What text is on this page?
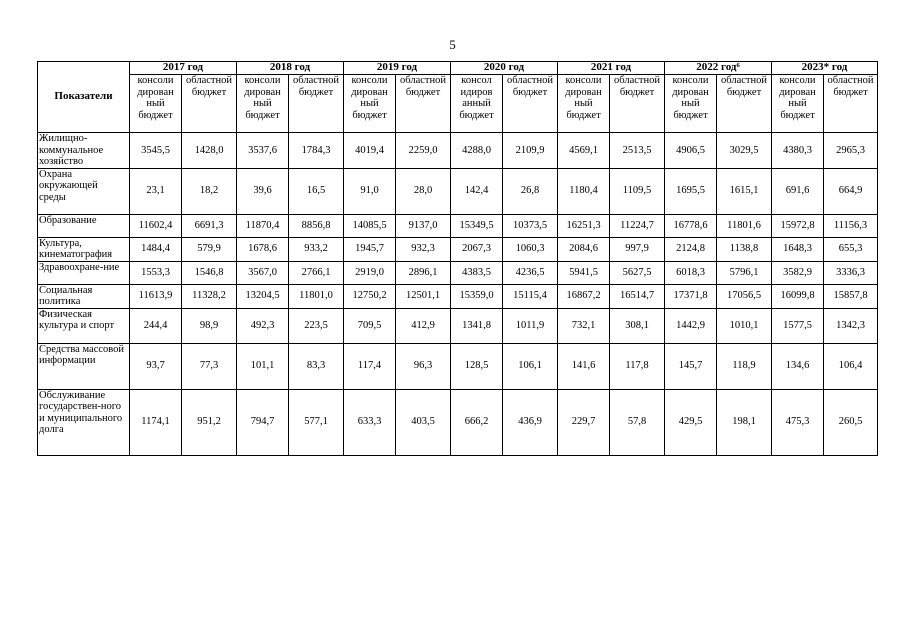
5
Показатели	2017 год		2018 год		2019 год		2020 год		2021 год		2022 год⁶		2023* год	
	консоли дирован ный бюджет	областной бюджет	консоли дирован ный бюджет	областной бюджет	консоли дирован ный бюджет	областной бюджет	консол идиров анный бюджет	областной бюджет	консоли дирован ный бюджет	областной бюджет	консоли дирован ный бюджет	областной бюджет	консоли дирован ный бюджет	областной бюджет
Жилищно-коммунальное хозяйство	3545,5	1428,0	3537,6	1784,3	4019,4	2259,0	4288,0	2109,9	4569,1	2513,5	4906,5	3029,5	4380,3	2965,3
Охрана окружающей среды	23,1	18,2	39,6	16,5	91,0	28,0	142,4	26,8	1180,4	1109,5	1695,5	1615,1	691,6	664,9
Образование	11602,4	6691,3	11870,4	8856,8	14085,5	9137,0	15349,5	10373,5	16251,3	11224,7	16778,6	11801,6	15972,8	11156,3
Культура, кинематография	1484,4	579,9	1678,6	933,2	1945,7	932,3	2067,3	1060,3	2084,6	997,9	2124,8	1138,8	1648,3	655,3
Здравоохране-ние	1553,3	1546,8	3567,0	2766,1	2919,0	2896,1	4383,5	4236,5	5941,5	5627,5	6018,3	5796,1	3582,9	3336,3
Социальная политика	11613,9	11328,2	13204,5	11801,0	12750,2	12501,1	15359,0	15115,4	16867,2	16514,7	17371,8	17056,5	16099,8	15857,8
Физическая культура и спорт	244,4	98,9	492,3	223,5	709,5	412,9	1341,8	1011,9	732,1	308,1	1442,9	1010,1	1577,5	1342,3
Средства массовой информации	93,7	77,3	101,1	83,3	117,4	96,3	128,5	106,1	141,6	117,8	145,7	118,9	134,6	106,4
Обслуживание государствен-ного и муниципального долга	1174,1	951,2	794,7	577,1	633,3	403,5	666,2	436,9	229,7	57,8	429,5	198,1	475,3	260,5
